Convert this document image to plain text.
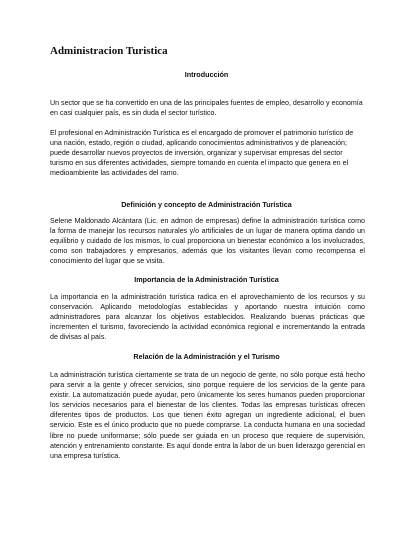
Administracion Turistica
Introducción

Un sector que se ha convertido en una de las principales fuentes de empleo, desarrollo y economía en casi cualquier país, es sin duda el sector turístico.

El profesional en Administración Turística es el encargado de promover el patrimonio turístico de una nación, estado, región o ciudad, aplicando conocimientos administrativos y de planeación; puede desarrollar nuevos proyectos de inversión, organizar y supervisar empresas del sector turismo en sus diferentes actividades, siempre tomando en cuenta el impacto que genera en el medioambiente las actividades del ramo.

Definición y concepto de Administración Turística

Selene Maldonado Alcántara (Lic. en admon de empresas) define la administración turística como la forma de manejar los recursos naturales y/o artificiales de un lugar de manera optima dando un equilibrio y cuidado de los mismos, lo cual proporciona un bienestar económico a los involucrados, como son trabajadores y empresarios, además que los visitantes llevan como recompensa el conocimiento del lugar que se visita.

Importancia de la Administración Turística

La importancia en la administración turística radica en el aprovechamiento de los recursos y su conservación. Aplicando metodologías establecidas y aportando nuestra intuición como administradores para alcanzar los objetivos establecidos. Realizando buenas prácticas que incrementen el turismo, favoreciendo la actividad económica regional e incrementando la entrada de divisas al país.

Relación de la Administración y el Turismo

La administración turística ciertamente se trata de un negocio de gente, no sólo porque está hecho para servir a la gente y ofrecer servicios, sino porque requiere de los servicios de la gente para existir. La automatización puede ayudar, pero únicamente los seres humanos pueden proporcionar los servicios necesarios para el bienestar de los clientes. Todas las empresas turísticas ofrecen diferentes tipos de productos. Los que tienen éxito agregan un ingrediente adicional, el buen servicio. Este es el único producto que no puede comprarse. La conducta humana en una sociedad libre no puede uniformarse; sólo puede ser guiada en un proceso que requiere de supervisión, atención y entrenamiento constante. Es aquí donde entra la labor de un buen liderazgo gerencial en una empresa turística.
